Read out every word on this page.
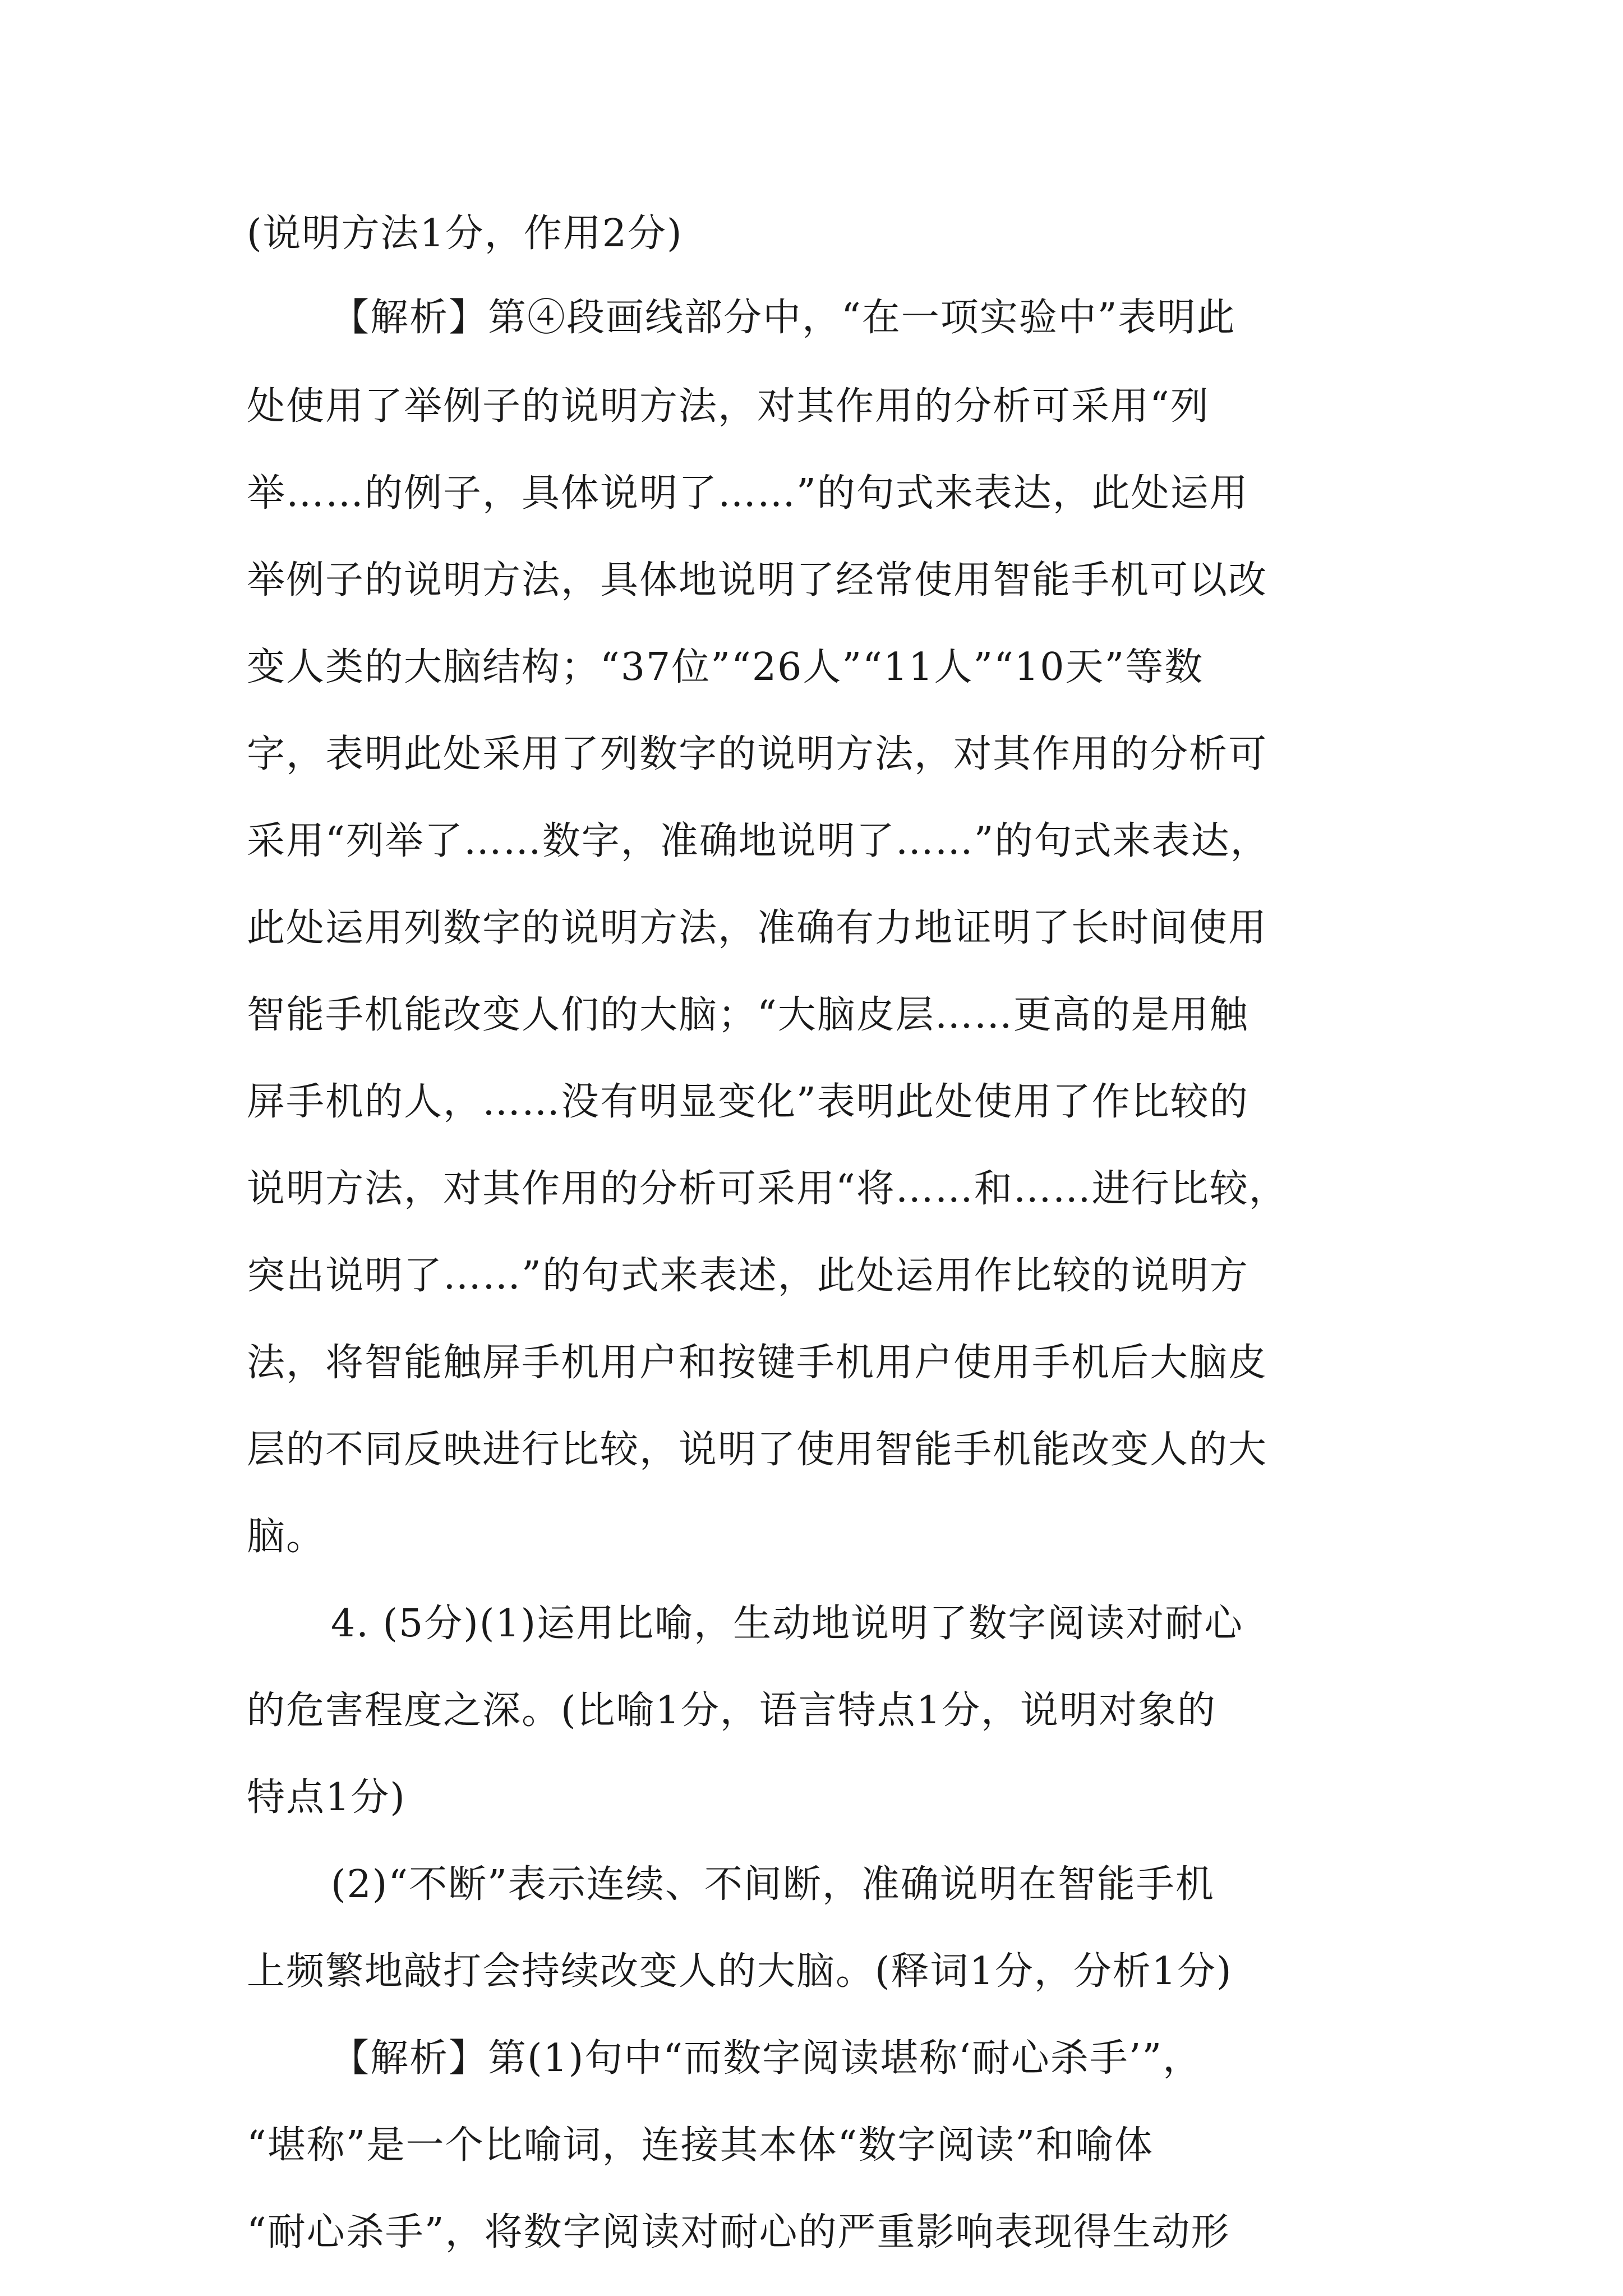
(说明方法1分，作用2分)
【解析】第④段画线部分中，“在一项实验中”表明此
处使用了举例子的说明方法，对其作用的分析可采用“列
举……的例子，具体说明了……”的句式来表达，此处运用
举例子的说明方法，具体地说明了经常使用智能手机可以改
变人类的大脑结构；“37位”“26人”“11人”“10天”等数
字，表明此处采用了列数字的说明方法，对其作用的分析可
采用“列举了……数字，准确地说明了……”的句式来表达，
此处运用列数字的说明方法，准确有力地证明了长时间使用
智能手机能改变人们的大脑；“大脑皮层……更高的是用触
屏手机的人，……没有明显变化”表明此处使用了作比较的
说明方法，对其作用的分析可采用“将……和……进行比较，
突出说明了……”的句式来表述，此处运用作比较的说明方
法，将智能触屏手机用户和按键手机用户使用手机后大脑皮
层的不同反映进行比较，说明了使用智能手机能改变人的大
脑。
4. (5分)(1)运用比喻，生动地说明了数字阅读对耐心
的危害程度之深。(比喻1分，语言特点1分，说明对象的
特点1分)
(2)“不断”表示连续、不间断，准确说明在智能手机
上频繁地敲打会持续改变人的大脑。(释词1分，分析1分)
【解析】第(1)句中“而数字阅读堪称‘耐心杀手’”，
“堪称”是一个比喻词，连接其本体“数字阅读”和喻体
“耐心杀手”，将数字阅读对耐心的严重影响表现得生动形
